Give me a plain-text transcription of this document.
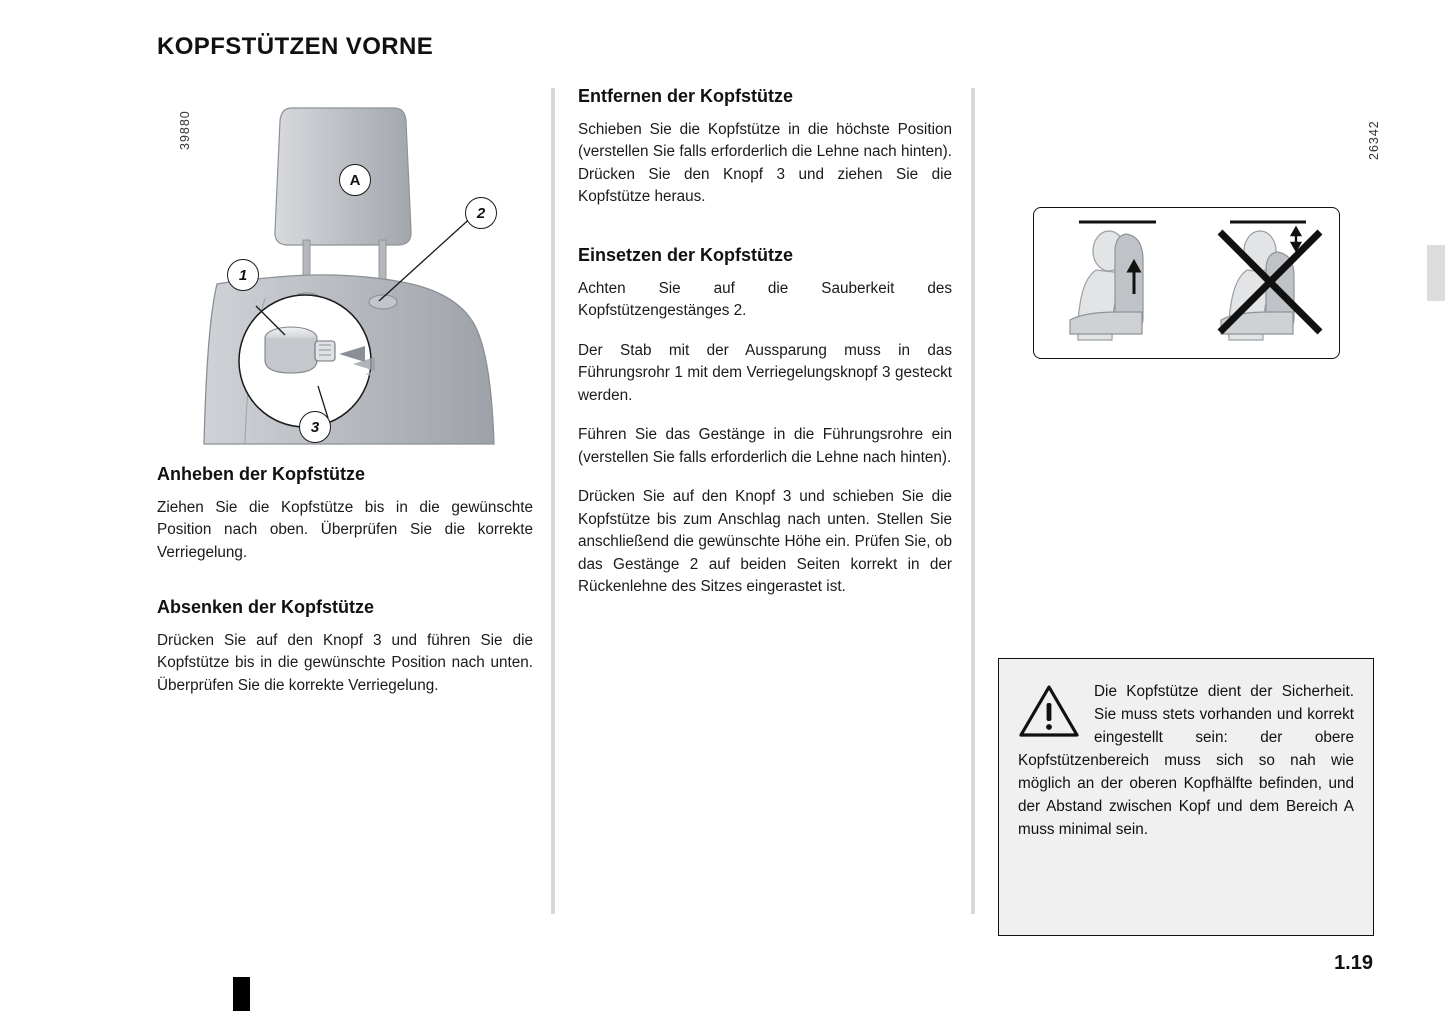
KOPFSTÜTZEN VORNE
39880	26342
A
1
2
3
Anheben der Kopfstütze

Ziehen Sie die Kopfstütze bis in die gewünschte Position nach oben. Überprüfen Sie die korrekte Verriegelung.

Absenken der Kopfstütze

Drücken Sie auf den Knopf 3 und führen Sie die Kopfstütze bis in die gewünschte Position nach unten. Überprüfen Sie die korrekte Verriegelung.

Entfernen der Kopfstütze

Schieben Sie die Kopfstütze in die höchste Position (verstellen Sie falls erforderlich die Lehne nach hinten). Drücken Sie den Knopf 3 und ziehen Sie die Kopfstütze heraus.

Einsetzen der Kopfstütze

Achten Sie auf die Sauberkeit des Kopfstützengestänges 2.

Der Stab mit der Aussparung muss in das Führungsrohr 1 mit dem Verriegelungsknopf 3 gesteckt werden.

Führen Sie das Gestänge in die Führungsrohre ein (verstellen Sie falls erforderlich die Lehne nach hinten).

Drücken Sie auf den Knopf 3 und schieben Sie die Kopfstütze bis zum Anschlag nach unten. Stellen Sie anschließend die gewünschte Höhe ein. Prüfen Sie, ob das Gestänge 2 auf beiden Seiten korrekt in der Rückenlehne des Sitzes eingerastet ist.

Die Kopfstütze dient der Sicherheit. Sie muss stets vorhanden und korrekt eingestellt sein: der obere Kopfstützenbereich muss sich so nah wie möglich an der oberen Kopfhälfte befinden, und der Abstand zwischen Kopf und dem Bereich A muss minimal sein.

1.19
